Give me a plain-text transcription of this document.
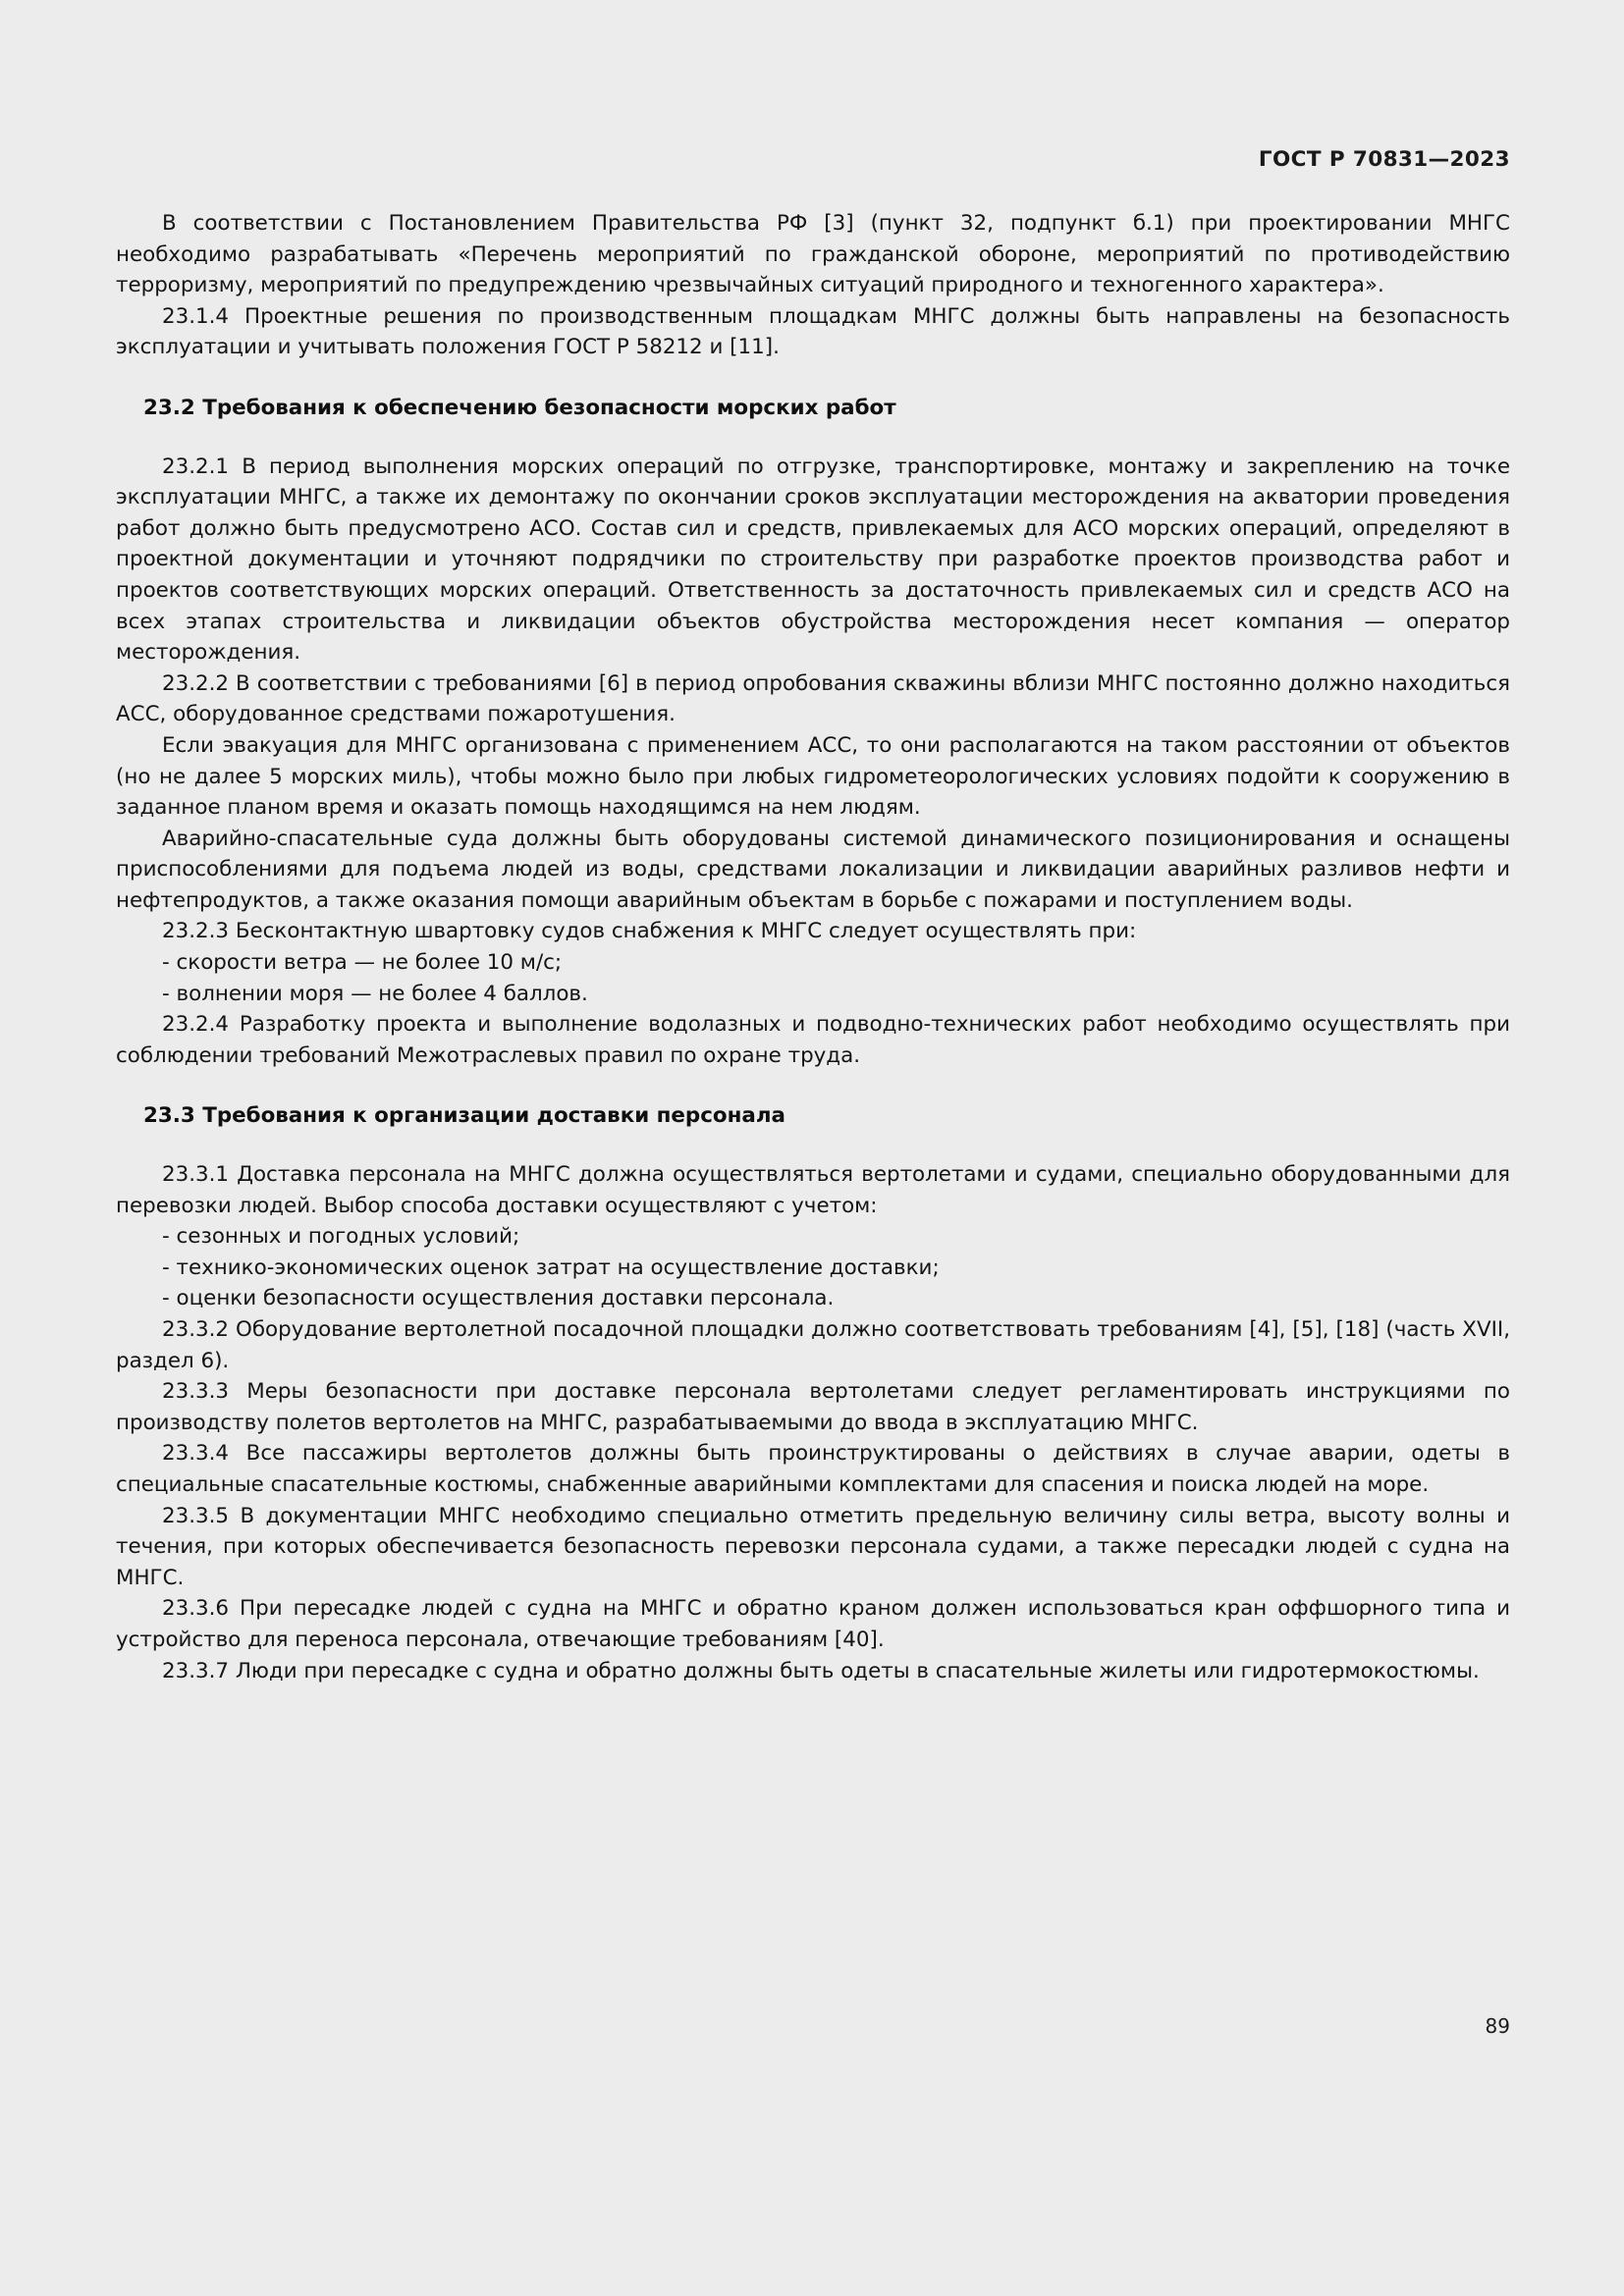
ГОСТ Р 70831—2023

В соответствии с Постановлением Правительства РФ [3] (пункт 32, подпункт б.1) при проектировании МНГС необходимо разрабатывать «Перечень мероприятий по гражданской обороне, мероприятий по противодействию терроризму, мероприятий по предупреждению чрезвычайных ситуаций природного и техногенного характера».

23.1.4 Проектные решения по производственным площадкам МНГС должны быть направлены на безопасность эксплуатации и учитывать положения ГОСТ Р 58212 и [11].

23.2 Требования к обеспечению безопасности морских работ

23.2.1 В период выполнения морских операций по отгрузке, транспортировке, монтажу и закреплению на точке эксплуатации МНГС, а также их демонтажу по окончании сроков эксплуатации месторождения на акватории проведения работ должно быть предусмотрено АСО. Состав сил и средств, привлекаемых для АСО морских операций, определяют в проектной документации и уточняют подрядчики по строительству при разработке проектов производства работ и проектов соответствующих морских операций. Ответственность за достаточность привлекаемых сил и средств АСО на всех этапах строительства и ликвидации объектов обустройства месторождения несет компания — оператор месторождения.

23.2.2 В соответствии с требованиями [6] в период опробования скважины вблизи МНГС постоянно должно находиться АСС, оборудованное средствами пожаротушения.

Если эвакуация для МНГС организована с применением АСС, то они располагаются на таком расстоянии от объектов (но не далее 5 морских миль), чтобы можно было при любых гидрометеорологических условиях подойти к сооружению в заданное планом время и оказать помощь находящимся на нем людям.

Аварийно-спасательные суда должны быть оборудованы системой динамического позиционирования и оснащены приспособлениями для подъема людей из воды, средствами локализации и ликвидации аварийных разливов нефти и нефтепродуктов, а также оказания помощи аварийным объектам в борьбе с пожарами и поступлением воды.

23.2.3 Бесконтактную швартовку судов снабжения к МНГС следует осуществлять при:

- скорости ветра — не более 10 м/с;

- волнении моря — не более 4 баллов.

23.2.4 Разработку проекта и выполнение водолазных и подводно-технических работ необходимо осуществлять при соблюдении требований Межотраслевых правил по охране труда.

23.3 Требования к организации доставки персонала

23.3.1 Доставка персонала на МНГС должна осуществляться вертолетами и судами, специально оборудованными для перевозки людей. Выбор способа доставки осуществляют с учетом:

- сезонных и погодных условий;

- технико-экономических оценок затрат на осуществление доставки;

- оценки безопасности осуществления доставки персонала.

23.3.2 Оборудование вертолетной посадочной площадки должно соответствовать требованиям [4], [5], [18] (часть XVII, раздел 6).

23.3.3 Меры безопасности при доставке персонала вертолетами следует регламентировать инструкциями по производству полетов вертолетов на МНГС, разрабатываемыми до ввода в эксплуатацию МНГС.

23.3.4 Все пассажиры вертолетов должны быть проинструктированы о действиях в случае аварии, одеты в специальные спасательные костюмы, снабженные аварийными комплектами для спасения и поиска людей на море.

23.3.5 В документации МНГС необходимо специально отметить предельную величину силы ветра, высоту волны и течения, при которых обеспечивается безопасность перевозки персонала судами, а также пересадки людей с судна на МНГС.

23.3.6 При пересадке людей с судна на МНГС и обратно краном должен использоваться кран оффшорного типа и устройство для переноса персонала, отвечающие требованиям [40].

23.3.7 Люди при пересадке с судна и обратно должны быть одеты в спасательные жилеты или гидротермокостюмы.

89
